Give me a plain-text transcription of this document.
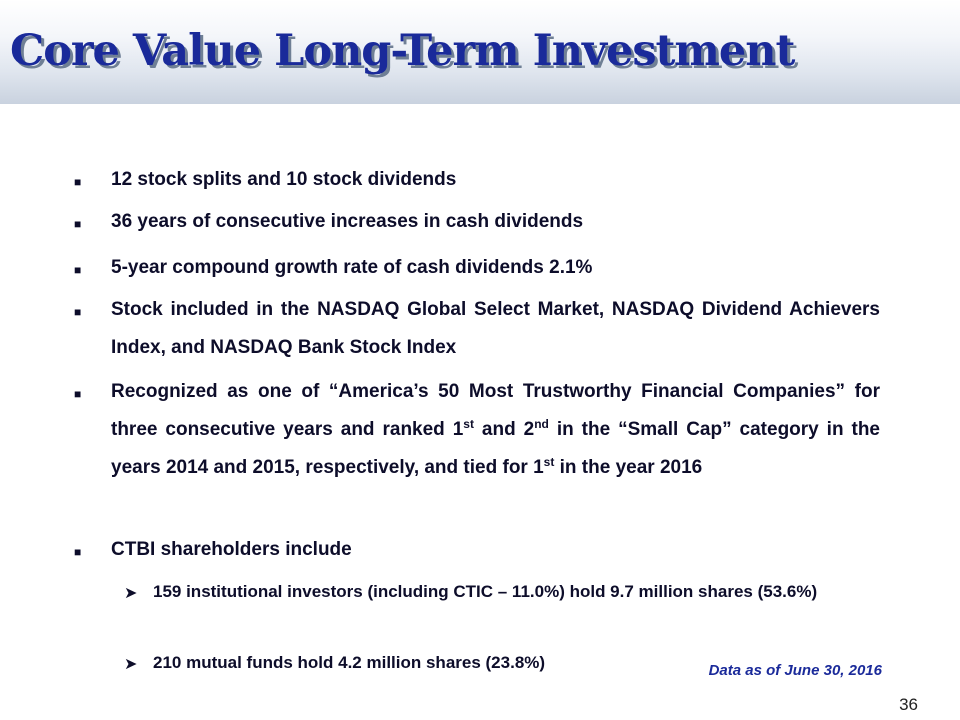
Core Value Long-Term Investment
■ 12 stock splits and 10 stock dividends
■ 36 years of consecutive increases in cash dividends
■ 5-year compound growth rate of cash dividends 2.1%
■ Stock included in the NASDAQ Global Select Market, NASDAQ Dividend Achievers Index, and NASDAQ Bank Stock Index
■ Recognized as one of “America’s 50 Most Trustworthy Financial Companies” for three consecutive years and ranked 1st and 2nd in the “Small Cap” category in the years 2014 and 2015, respectively, and tied for 1st in the year 2016
■ CTBI shareholders include
➤ 159 institutional investors (including CTIC – 11.0%) hold 9.7 million shares (53.6%)
➤ 210 mutual funds hold 4.2 million shares (23.8%)	Data as of June 30, 2016
36
